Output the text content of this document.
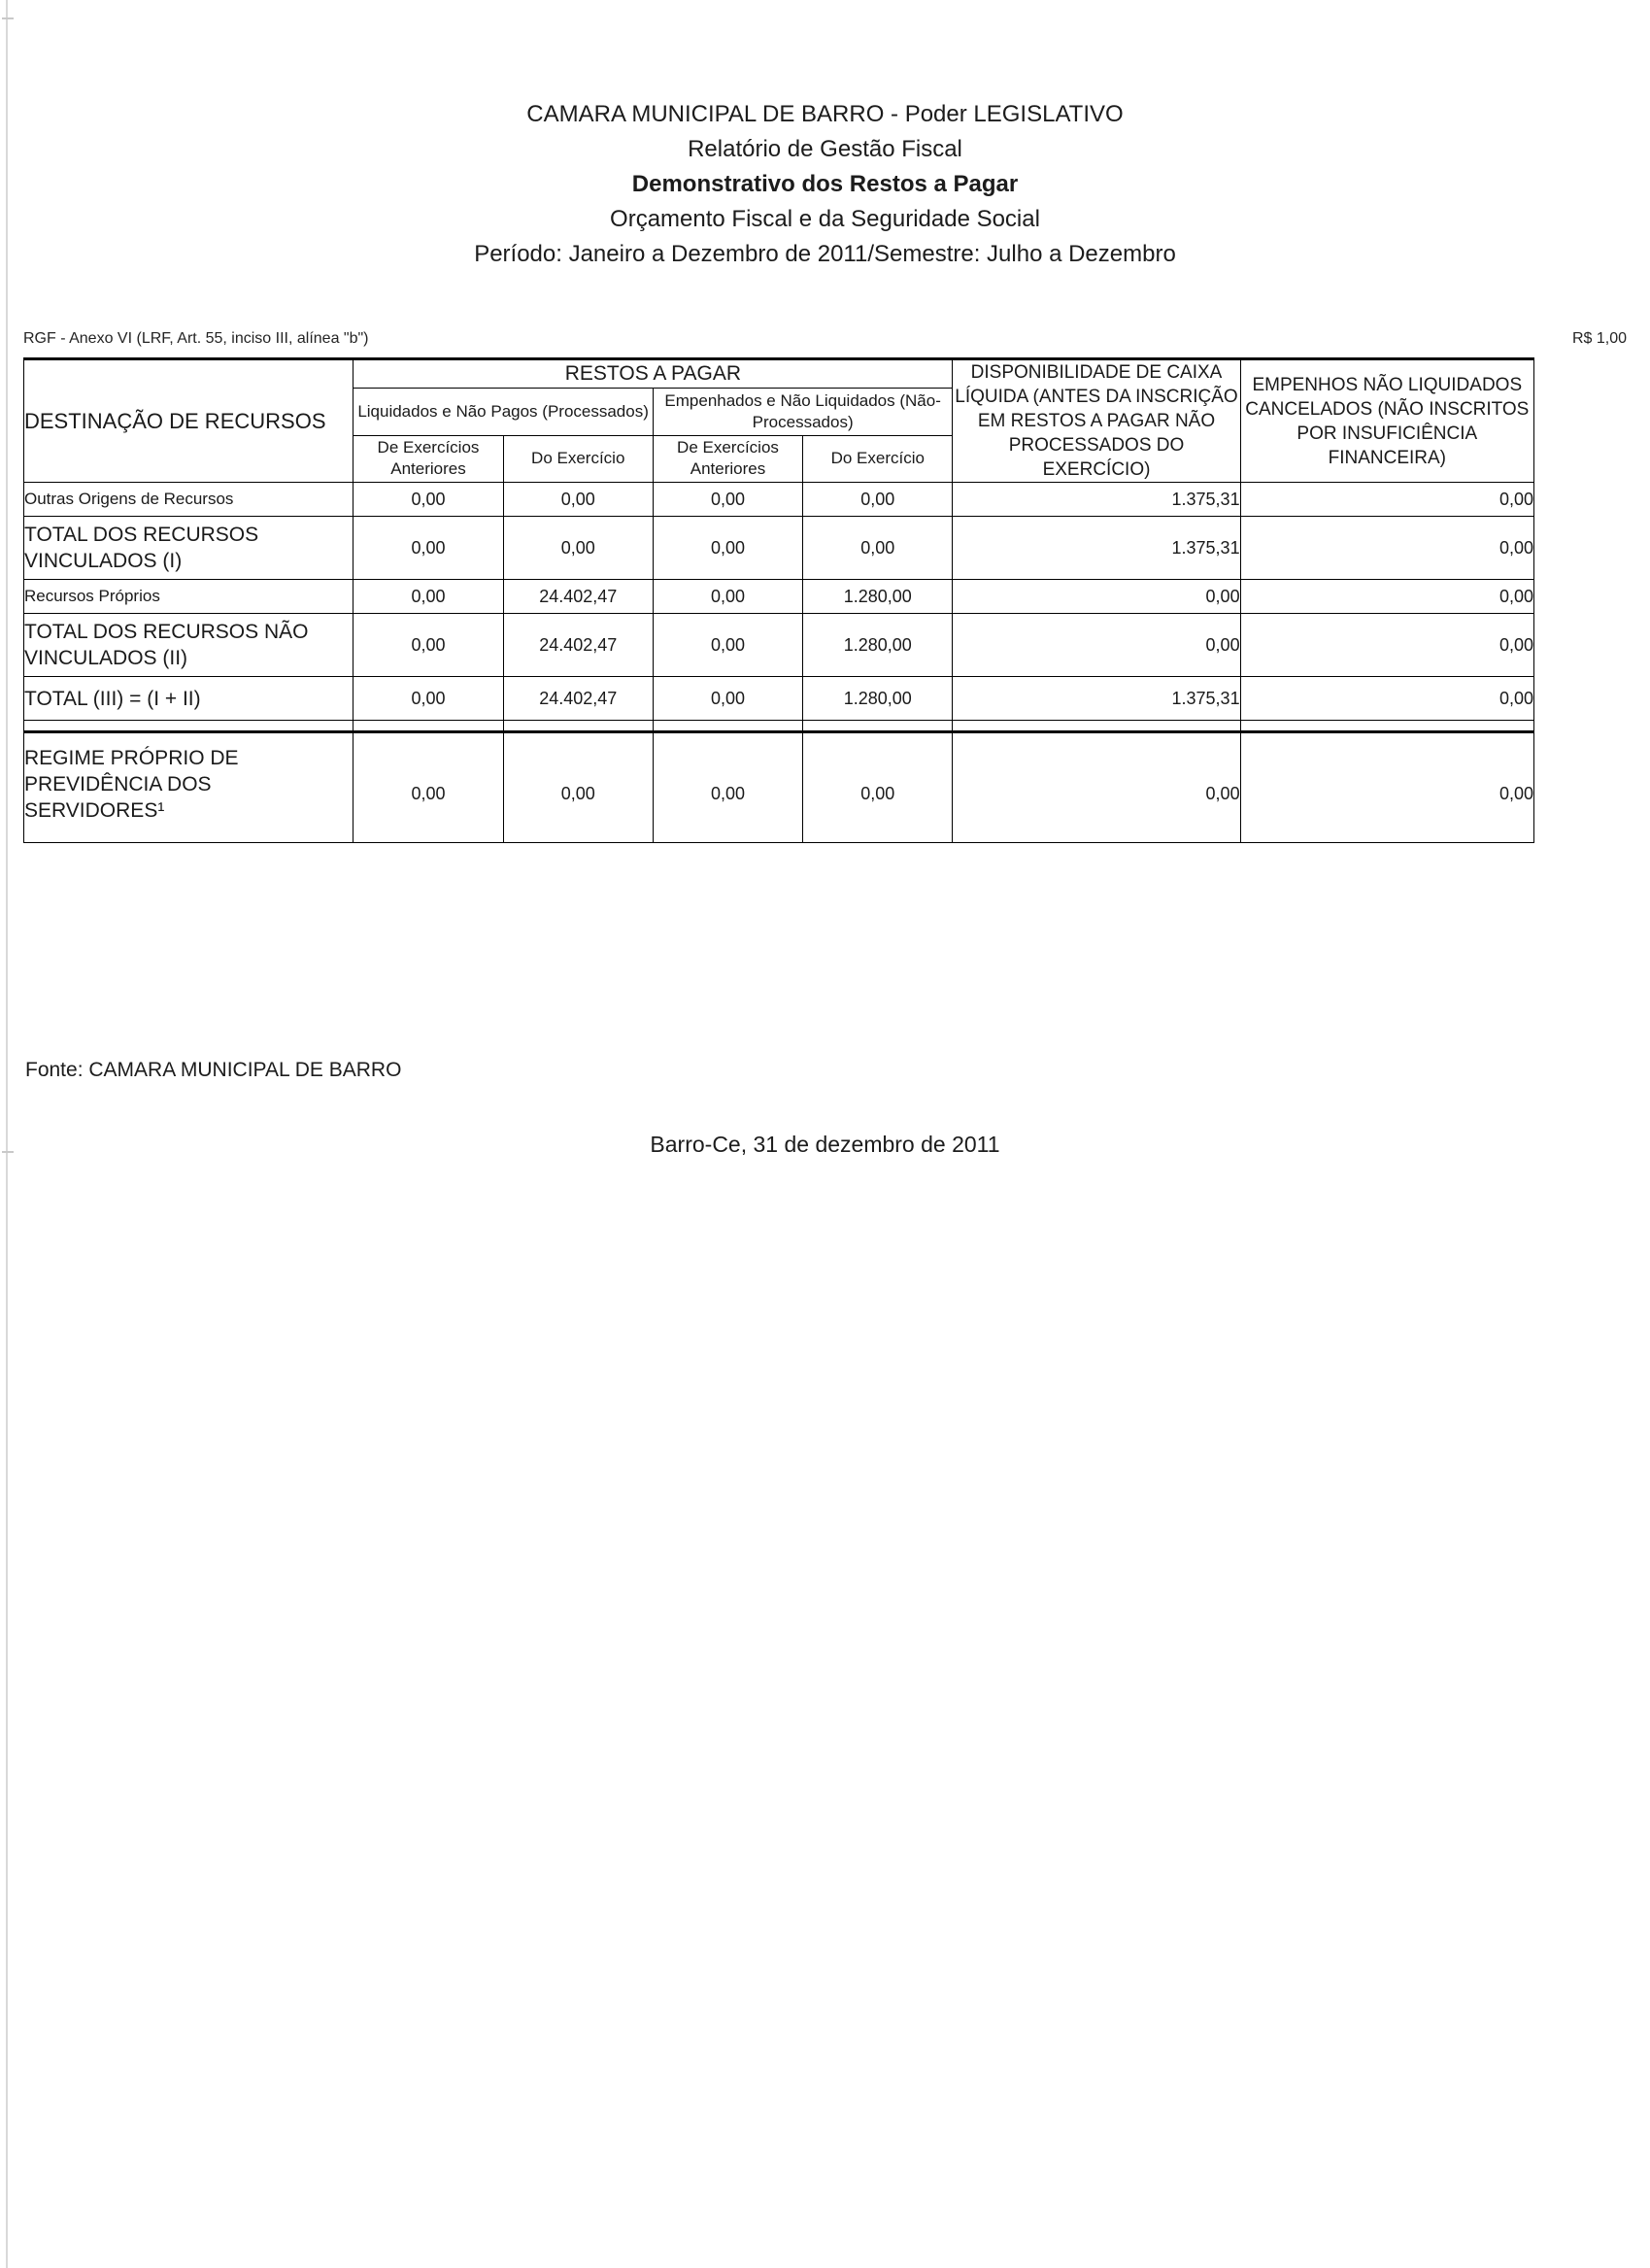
CAMARA MUNICIPAL DE BARRO - Poder LEGISLATIVO
Relatório de Gestão Fiscal
Demonstrativo dos Restos a Pagar
Orçamento Fiscal e da Seguridade Social
Período: Janeiro a Dezembro de 2011/Semestre: Julho a Dezembro
RGF - Anexo VI (LRF, Art. 55, inciso III, alínea "b")	R$ 1,00
DESTINAÇÃO DE RECURSOS	RESTOS A PAGAR				DISPONIBILIDADE DE CAIXA LÍQUIDA (ANTES DA INSCRIÇÃO EM RESTOS A PAGAR NÃO PROCESSADOS DO EXERCÍCIO)	EMPENHOS NÃO LIQUIDADOS CANCELADOS (NÃO INSCRITOS POR INSUFICIÊNCIA FINANCEIRA)
	Liquidados e Não Pagos (Processados)		Empenhados e Não Liquidados (Não-Processados)			
	De Exercícios Anteriores	Do Exercício	De Exercícios Anteriores	Do Exercício		
Outras Origens de Recursos	0,00	0,00	0,00	0,00	1.375,31	0,00
TOTAL DOS RECURSOS VINCULADOS (I)	0,00	0,00	0,00	0,00	1.375,31	0,00
Recursos Próprios	0,00	24.402,47	0,00	1.280,00	0,00	0,00
TOTAL DOS RECURSOS NÃO VINCULADOS (II)	0,00	24.402,47	0,00	1.280,00	0,00	0,00
TOTAL (III) = (I + II)	0,00	24.402,47	0,00	1.280,00	1.375,31	0,00

REGIME PRÓPRIO DE PREVIDÊNCIA DOS SERVIDORES¹	0,00	0,00	0,00	0,00	0,00	0,00
Fonte: CAMARA MUNICIPAL DE BARRO
Barro-Ce, 31 de dezembro de 2011
